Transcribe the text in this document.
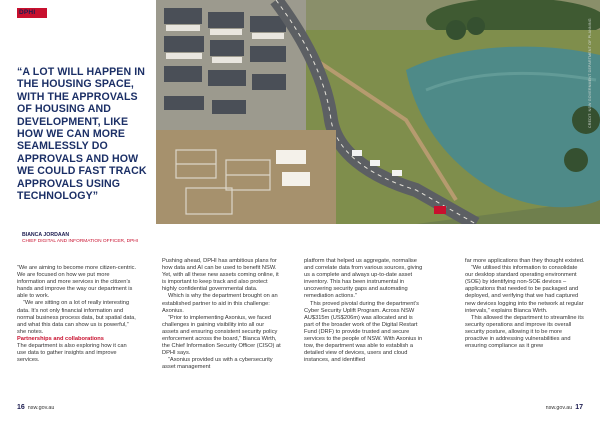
DPHI
“A LOT WILL HAPPEN IN THE HOUSING SPACE, WITH THE APPROVALS OF HOUSING AND DEVELOPMENT, LIKE HOW WE CAN MORE SEAMLESSLY DO APPROVALS AND HOW WE COULD FAST TRACK APPROVALS USING TECHNOLOGY”
BIANCA JORDAAN
CHIEF DIGITAL AND INFORMATION OFFICER, DPHI
CREDIT: NSW GOVERNMENT DEPARTMENT OF PLANNING

“We are aiming to become more citizen-centric. We are focused on how we put more information and more services in the citizen’s hands and improve the way our department is able to work.

“We are sitting on a lot of really interesting data. It’s not only financial information and normal business process data, but spatial data, and what this data can show us is powerful,” she notes.

Partnerships and collaborations

The department is also exploring how it can use data to gather insights and improve services.

Pushing ahead, DPHI has ambitious plans for how data and AI can be used to benefit NSW. Yet, with all these new assets coming online, it is important to keep track and also protect highly confidential governmental data.

Which is why the department brought on an established partner to aid in this challenge: Axonius.

“Prior to implementing Axonius, we faced challenges in gaining visibility into all our assets and ensuring consistent security policy enforcement across the board,” Bianca Wirth, the Chief Information Security Officer (CISO) at DPHI says.

“Axonius provided us with a cybersecurity asset management

platform that helped us aggregate, normalise and correlate data from various sources, giving us a complete and always up-to-date asset inventory. This has been instrumental in uncovering security gaps and automating remediation actions.”

This proved pivotal during the department’s Cyber Security Uplift Program. Across NSW AU$315m (US$206m) was allocated and is part of the broader work of the Digital Restart Fund (DRF) to provide trusted and secure services to the people of NSW. With Axonius in tow, the department was able to establish a detailed view of devices, users and cloud instances, and identified

far more applications than they thought existed.

“We utilised this information to consolidate our desktop standard operating environment (SOE) by identifying non-SOE devices – applications that needed to be packaged and deployed, and verifying that we had captured new devices logging into the network at regular intervals,” explains Bianca Wirth.

This allowed the department to streamline its security operations and improve its overall security posture, allowing it to be more proactive in addressing vulnerabilities and ensuring compliance as it grew

16 nsw.gov.au	nsw.gov.au 17
